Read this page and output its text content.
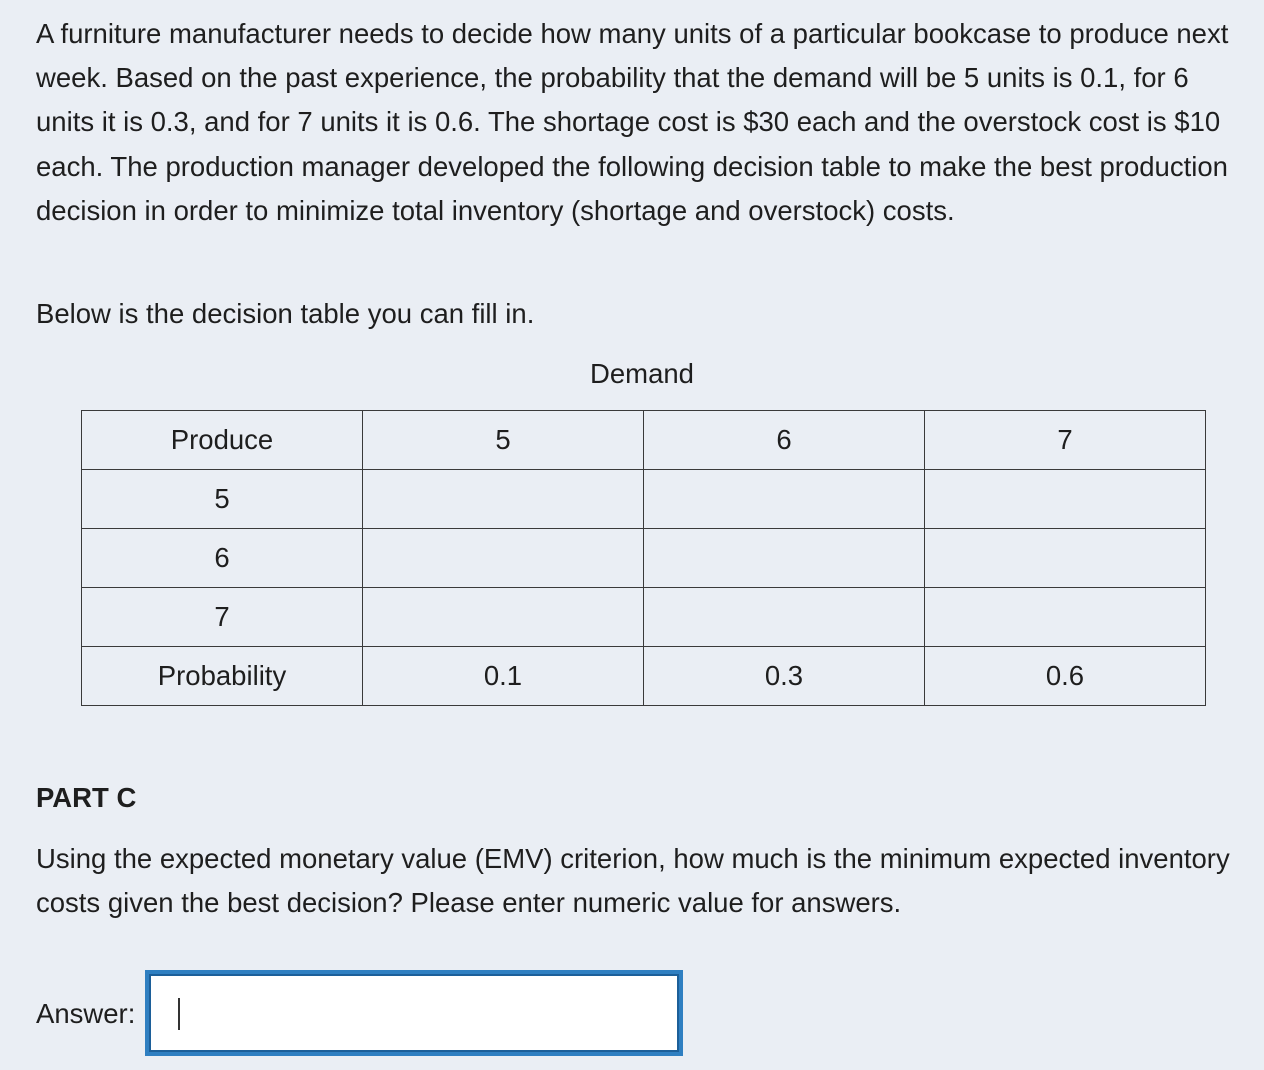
A furniture manufacturer needs to decide how many units of a particular bookcase to produce next week. Based on the past experience, the probability that the demand will be 5 units is 0.1, for 6 units it is 0.3, and for 7 units it is 0.6. The shortage cost is $30 each and the overstock cost is $10 each. The production manager developed the following decision table to make the best production decision in order to minimize total inventory (shortage and overstock) costs.

Below is the decision table you can fill in.

Demand
Produce	5	6	7
5			
6			
7			
Probability	0.1	0.3	0.6
PART C

Using the expected monetary value (EMV) criterion, how much is the minimum expected inventory costs given the best decision? Please enter numeric value for answers.

Answer:
